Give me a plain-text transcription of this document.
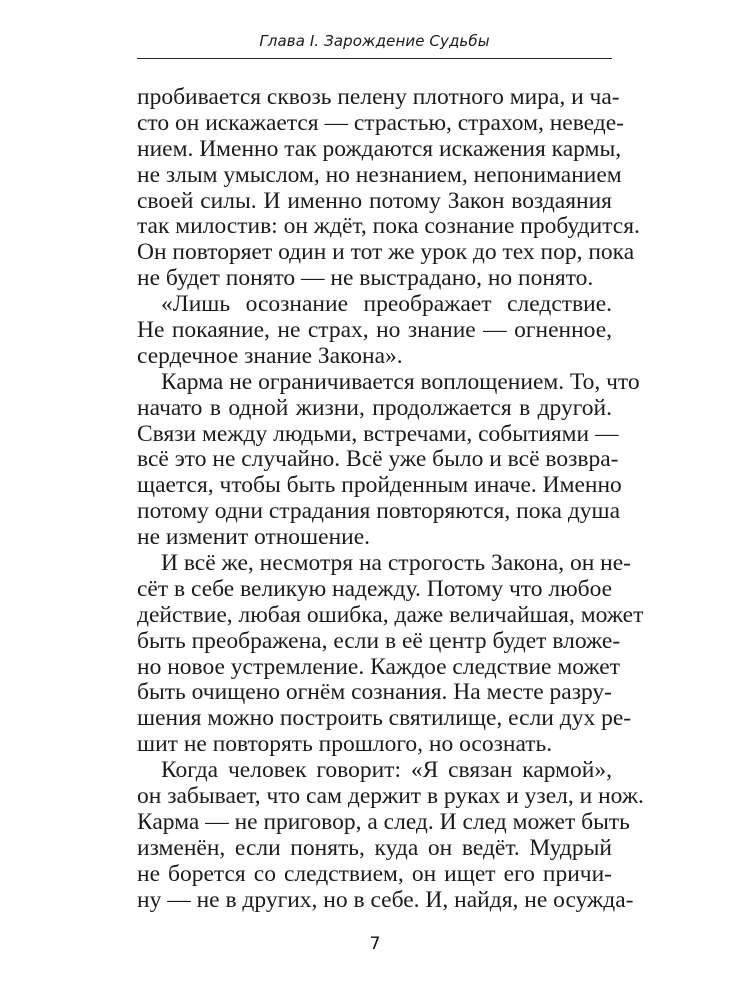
Глава I. Зарождение Судьбы
пробивается сквозь пелену плотного мира, и ча-
сто он искажается — страстью, страхом, неведе-
нием. Именно так рождаются искажения кармы,
не злым умыслом, но незнанием, непониманием
своей силы. И именно потому Закон воздаяния
так милостив: он ждёт, пока сознание пробудится.
Он повторяет один и тот же урок до тех пор, пока
не будет понято — не выстрадано, но понято.
«Лишь осознание преображает следствие.
Не покаяние, не страх, но знание — огненное,
сердечное знание Закона».
Карма не ограничивается воплощением. То, что
начато в одной жизни, продолжается в другой.
Связи между людьми, встречами, событиями —
всё это не случайно. Всё уже было и всё возвра-
щается, чтобы быть пройденным иначе. Именно
потому одни страдания повторяются, пока душа
не изменит отношение.
И всё же, несмотря на строгость Закона, он не-
сёт в себе великую надежду. Потому что любое
действие, любая ошибка, даже величайшая, может
быть преображена, если в её центр будет вложе-
но новое устремление. Каждое следствие может
быть очищено огнём сознания. На месте разру-
шения можно построить святилище, если дух ре-
шит не повторять прошлого, но осознать.
Когда человек говорит: «Я связан кармой»,
он забывает, что сам держит в руках и узел, и нож.
Карма — не приговор, а след. И след может быть
изменён, если понять, куда он ведёт. Мудрый
не борется со следствием, он ищет его причи-
ну — не в других, но в себе. И, найдя, не осужда-
7
